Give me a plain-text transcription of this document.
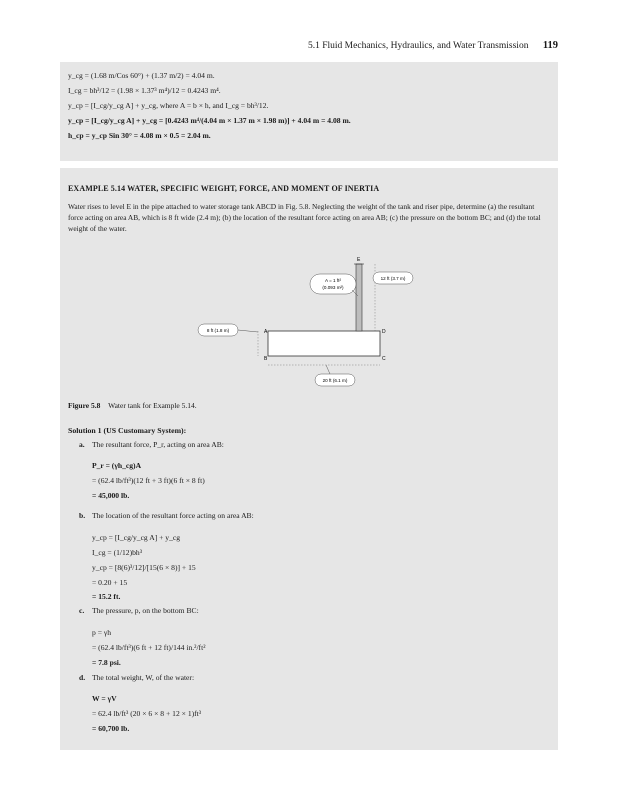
5.1 Fluid Mechanics, Hydraulics, and Water Transmission 119
y_cg = (1.68 m/Cos 60°) + (1.37 m/2) = 4.04 m.
I_cg = bh³/12 = (1.98 × 1.37³ m⁴)/12 = 0.4243 m⁴.
y_cp = [I_cg/y_cg A] + y_cg, where A = b × h, and I_cg = bh³/12.
y_cp = [I_cg/y_cg A] + y_cg = [0.4243 m⁴/(4.04 m × 1.37 m × 1.98 m)] + 4.04 m = 4.08 m.
h_cp = y_cp Sin 30° = 4.08 m × 0.5 = 2.04 m.
EXAMPLE 5.14 WATER, SPECIFIC WEIGHT, FORCE, AND MOMENT OF INERTIA
Water rises to level E in the pipe attached to water storage tank ABCD in Fig. 5.8. Neglecting the weight of the tank and riser pipe, determine (a) the resultant force acting on area AB, which is 8 ft wide (2.4 m); (b) the location of the resultant force acting on area AB; (c) the pressure on the bottom BC; and (d) the total weight of the water.
E
A
B	C
D
A = 1 ft²
(0.093 m²)
12 ft (3.7 m)
8 ft (1.8 m)
20 ft (6.1 m)
Figure 5.8 Water tank for Example 5.14.
Solution 1 (US Customary System):
a. The resultant force, P_r, acting on area AB:
P_r = (γh_cg)A
= (62.4 lb/ft³)(12 ft + 3 ft)(6 ft × 8 ft)
= 45,000 lb.
b. The location of the resultant force acting on area AB:
y_cp = [I_cg/y_cg A] + y_cg
I_cg = (1/12)bh³
y_cp = [8(6)³/12]/[15(6 × 8)] + 15
= 0.20 + 15
= 15.2 ft.
c. The pressure, p, on the bottom BC:
p = γh
= (62.4 lb/ft³)(6 ft + 12 ft)/144 in.²/ft²
= 7.8 psi.
d. The total weight, W, of the water:
W = γV
= 62.4 lb/ft³ (20 × 6 × 8 + 12 × 1)ft³
= 60,700 lb.
